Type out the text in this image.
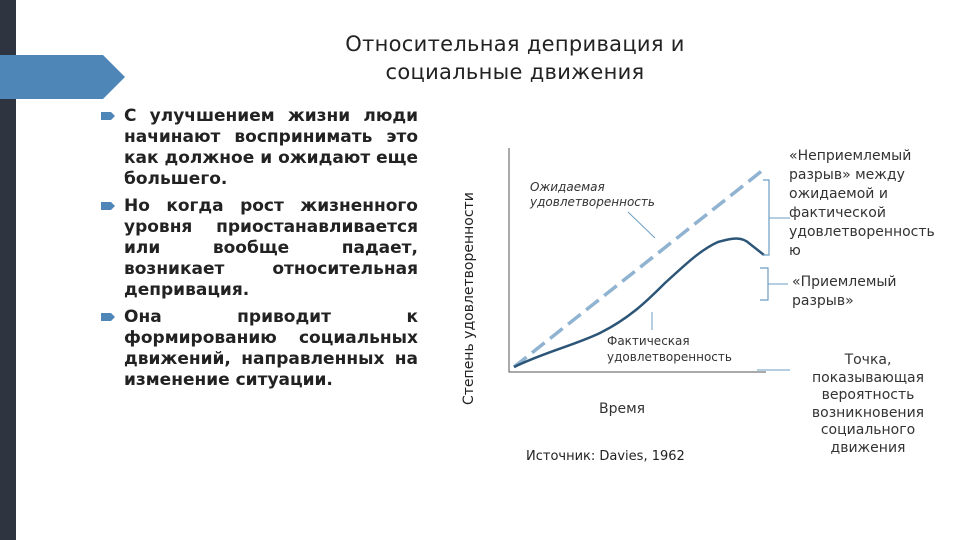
Относительная депривация и
социальные движения
С улучшением жизни люди начинают воспринимать это как должное и ожидают еще большего.
Но когда рост жизненного уровня приостанавливается или вообще падает, возникает относительная депривация.
Она приводит к формированию социальных движений, направленных на изменение ситуации.	Степень удовлетворенности
Ожидаемая
удовлетворенность
Фактическая
удовлетворенность
Время
Источник: Davies, 1962
«Неприемлемый
разрыв» между
ожидаемой и
фактической
удовлетворенность
ю
«Приемлемый
разрыв»
Точка,
показывающая
вероятность
возникновения
социального
движения
